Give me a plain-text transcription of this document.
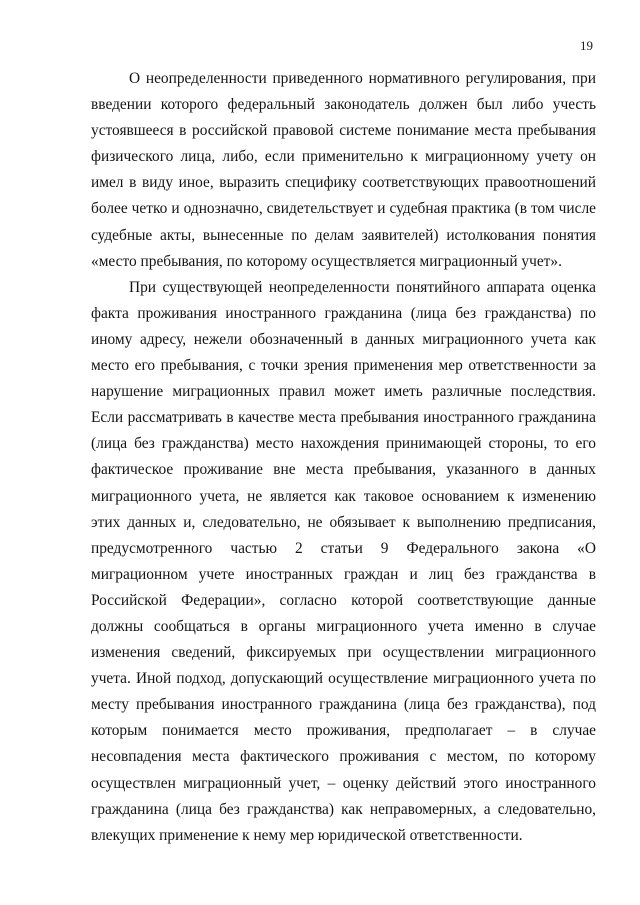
19

О неопределенности приведенного нормативного регулирования, при введении которого федеральный законодатель должен был либо учесть устоявшееся в российской правовой системе понимание места пребывания физического лица, либо, если применительно к миграционному учету он имел в виду иное, выразить специфику соответствующих правоотношений более четко и однозначно, свидетельствует и судебная практика (в том числе судебные акты, вынесенные по делам заявителей) истолкования понятия «место пребывания, по которому осуществляется миграционный учет».

При существующей неопределенности понятийного аппарата оценка факта проживания иностранного гражданина (лица без гражданства) по иному адресу, нежели обозначенный в данных миграционного учета как место его пребывания, с точки зрения применения мер ответственности за нарушение миграционных правил может иметь различные последствия. Если рассматривать в качестве места пребывания иностранного гражданина (лица без гражданства) место нахождения принимающей стороны, то его фактическое проживание вне места пребывания, указанного в данных миграционного учета, не является как таковое основанием к изменению этих данных и, следовательно, не обязывает к выполнению предписания, предусмотренного частью 2 статьи 9 Федерального закона «О миграционном учете иностранных граждан и лиц без гражданства в Российской Федерации», согласно которой соответствующие данные должны сообщаться в органы миграционного учета именно в случае изменения сведений, фиксируемых при осуществлении миграционного учета. Иной подход, допускающий осуществление миграционного учета по месту пребывания иностранного гражданина (лица без гражданства), под которым понимается место проживания, предполагает – в случае несовпадения места фактического проживания с местом, по которому осуществлен миграционный учет, – оценку действий этого иностранного гражданина (лица без гражданства) как неправомерных, а следовательно, влекущих применение к нему мер юридической ответственности.
